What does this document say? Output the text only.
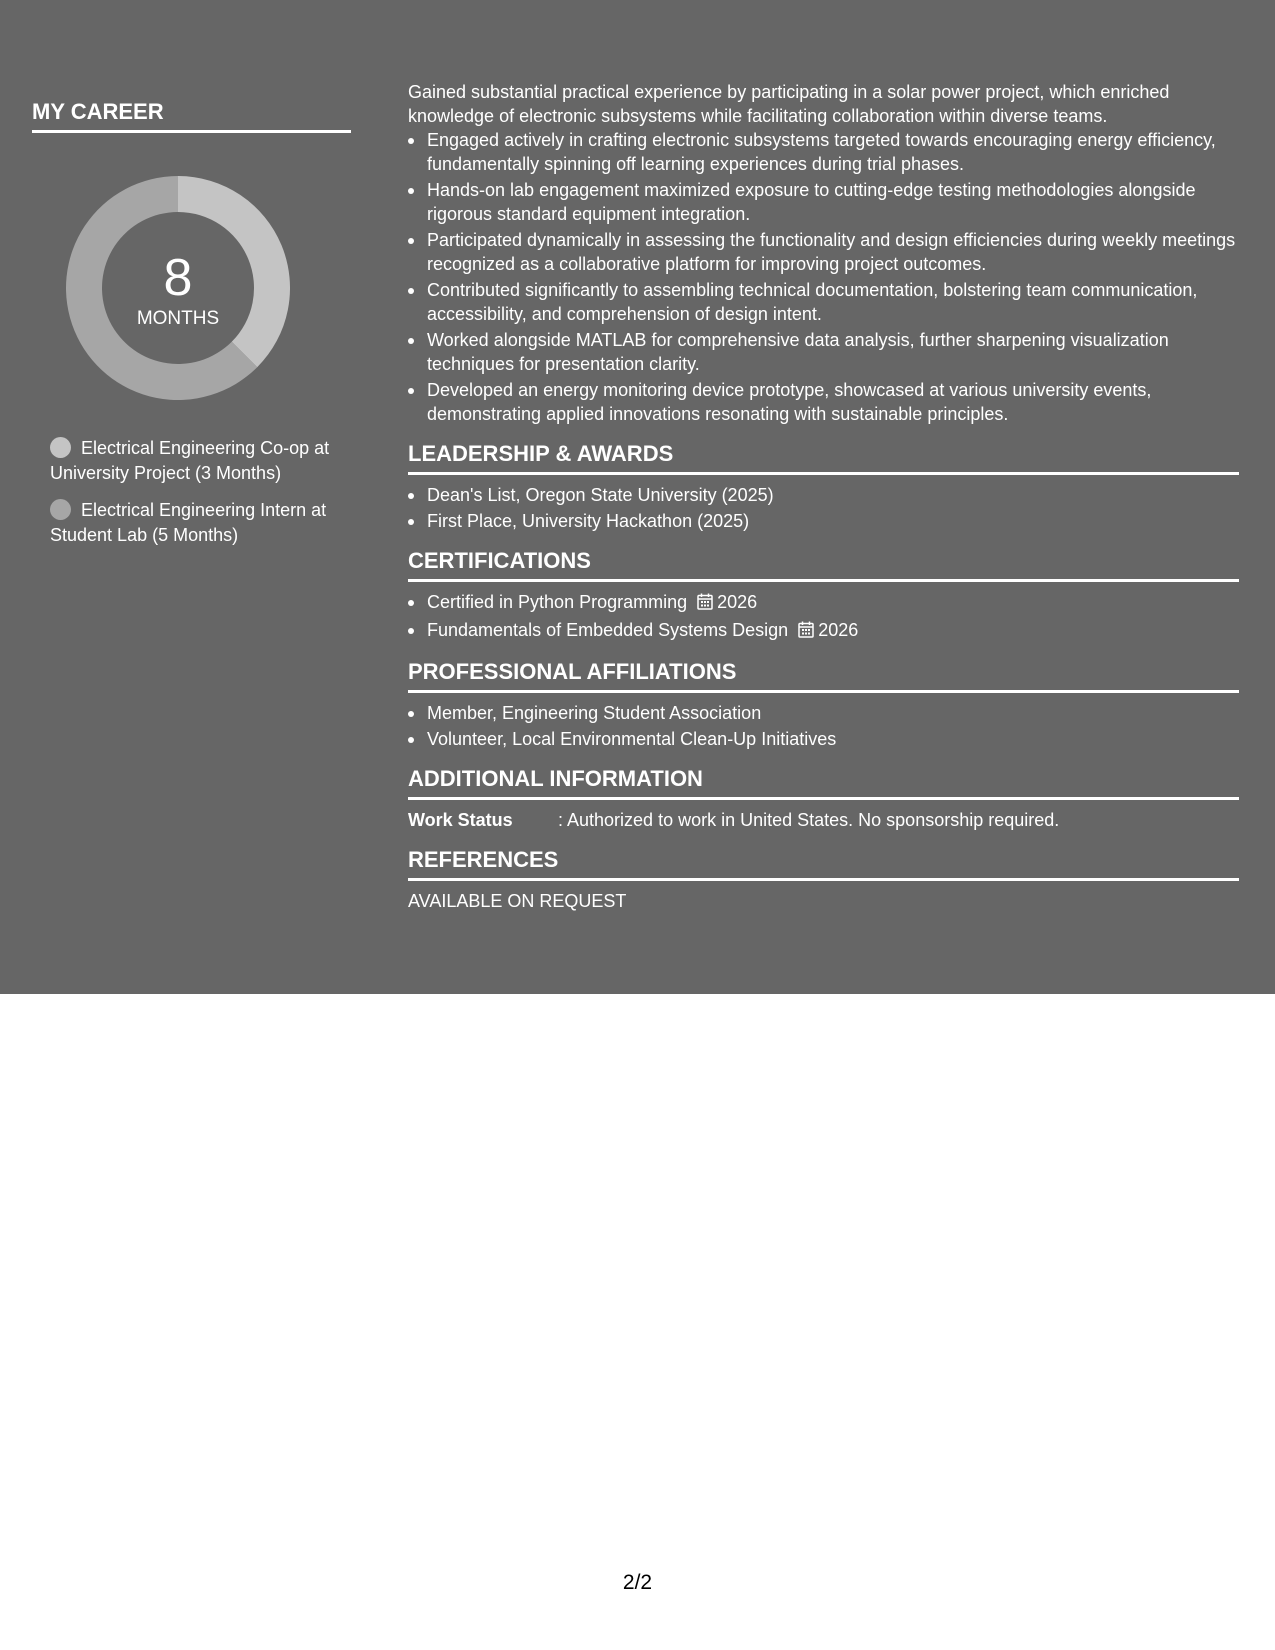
MY CAREER
8
MONTHS
Electrical Engineering Co-op at University Project (3 Months)
Electrical Engineering Intern at Student Lab (5 Months)

Gained substantial practical experience by participating in a solar power project, which enriched knowledge of electronic subsystems while facilitating collaboration within diverse teams.

Engaged actively in crafting electronic subsystems targeted towards encouraging energy efficiency, fundamentally spinning off learning experiences during trial phases.
Hands-on lab engagement maximized exposure to cutting-edge testing methodologies alongside rigorous standard equipment integration.
Participated dynamically in assessing the functionality and design efficiencies during weekly meetings recognized as a collaborative platform for improving project outcomes.
Contributed significantly to assembling technical documentation, bolstering team communication, accessibility, and comprehension of design intent.
Worked alongside MATLAB for comprehensive data analysis, further sharpening visualization techniques for presentation clarity.
Developed an energy monitoring device prototype, showcased at various university events, demonstrating applied innovations resonating with sustainable principles.
LEADERSHIP & AWARDS
Dean's List, Oregon State University (2025)
First Place, University Hackathon (2025)
CERTIFICATIONS
Certified in Python Programming 2026
Fundamentals of Embedded Systems Design 2026
PROFESSIONAL AFFILIATIONS
Member, Engineering Student Association
Volunteer, Local Environmental Clean-Up Initiatives
ADDITIONAL INFORMATION
Work Status	: Authorized to work in United States. No sponsorship required.
REFERENCES
AVAILABLE ON REQUEST
2/2
